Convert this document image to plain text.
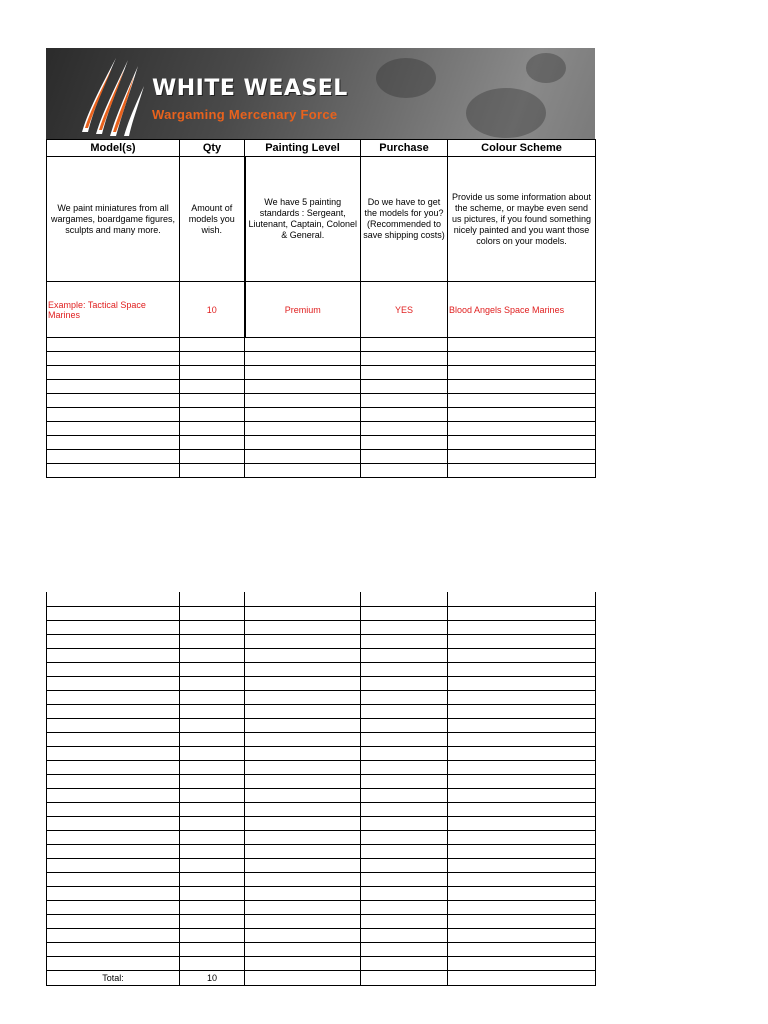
WHITE WEASEL
Wargaming Mercenary Force
Model(s)	Qty	Painting Level	Purchase	Colour Scheme
We paint miniatures from all wargames, boardgame figures, sculpts and many more.	Amount of models you wish.	We have 5 painting standards : Sergeant, Liutenant, Captain, Colonel & General.	Do we have to get the models for you? (Recommended to save shipping costs)	Provide us some information about the scheme, or maybe even send us pictures, if you found something nicely painted and you want those colors on your models.
Example: Tactical Space Marines	10	Premium	YES	Blood Angels Space Marines

Total:	10			
